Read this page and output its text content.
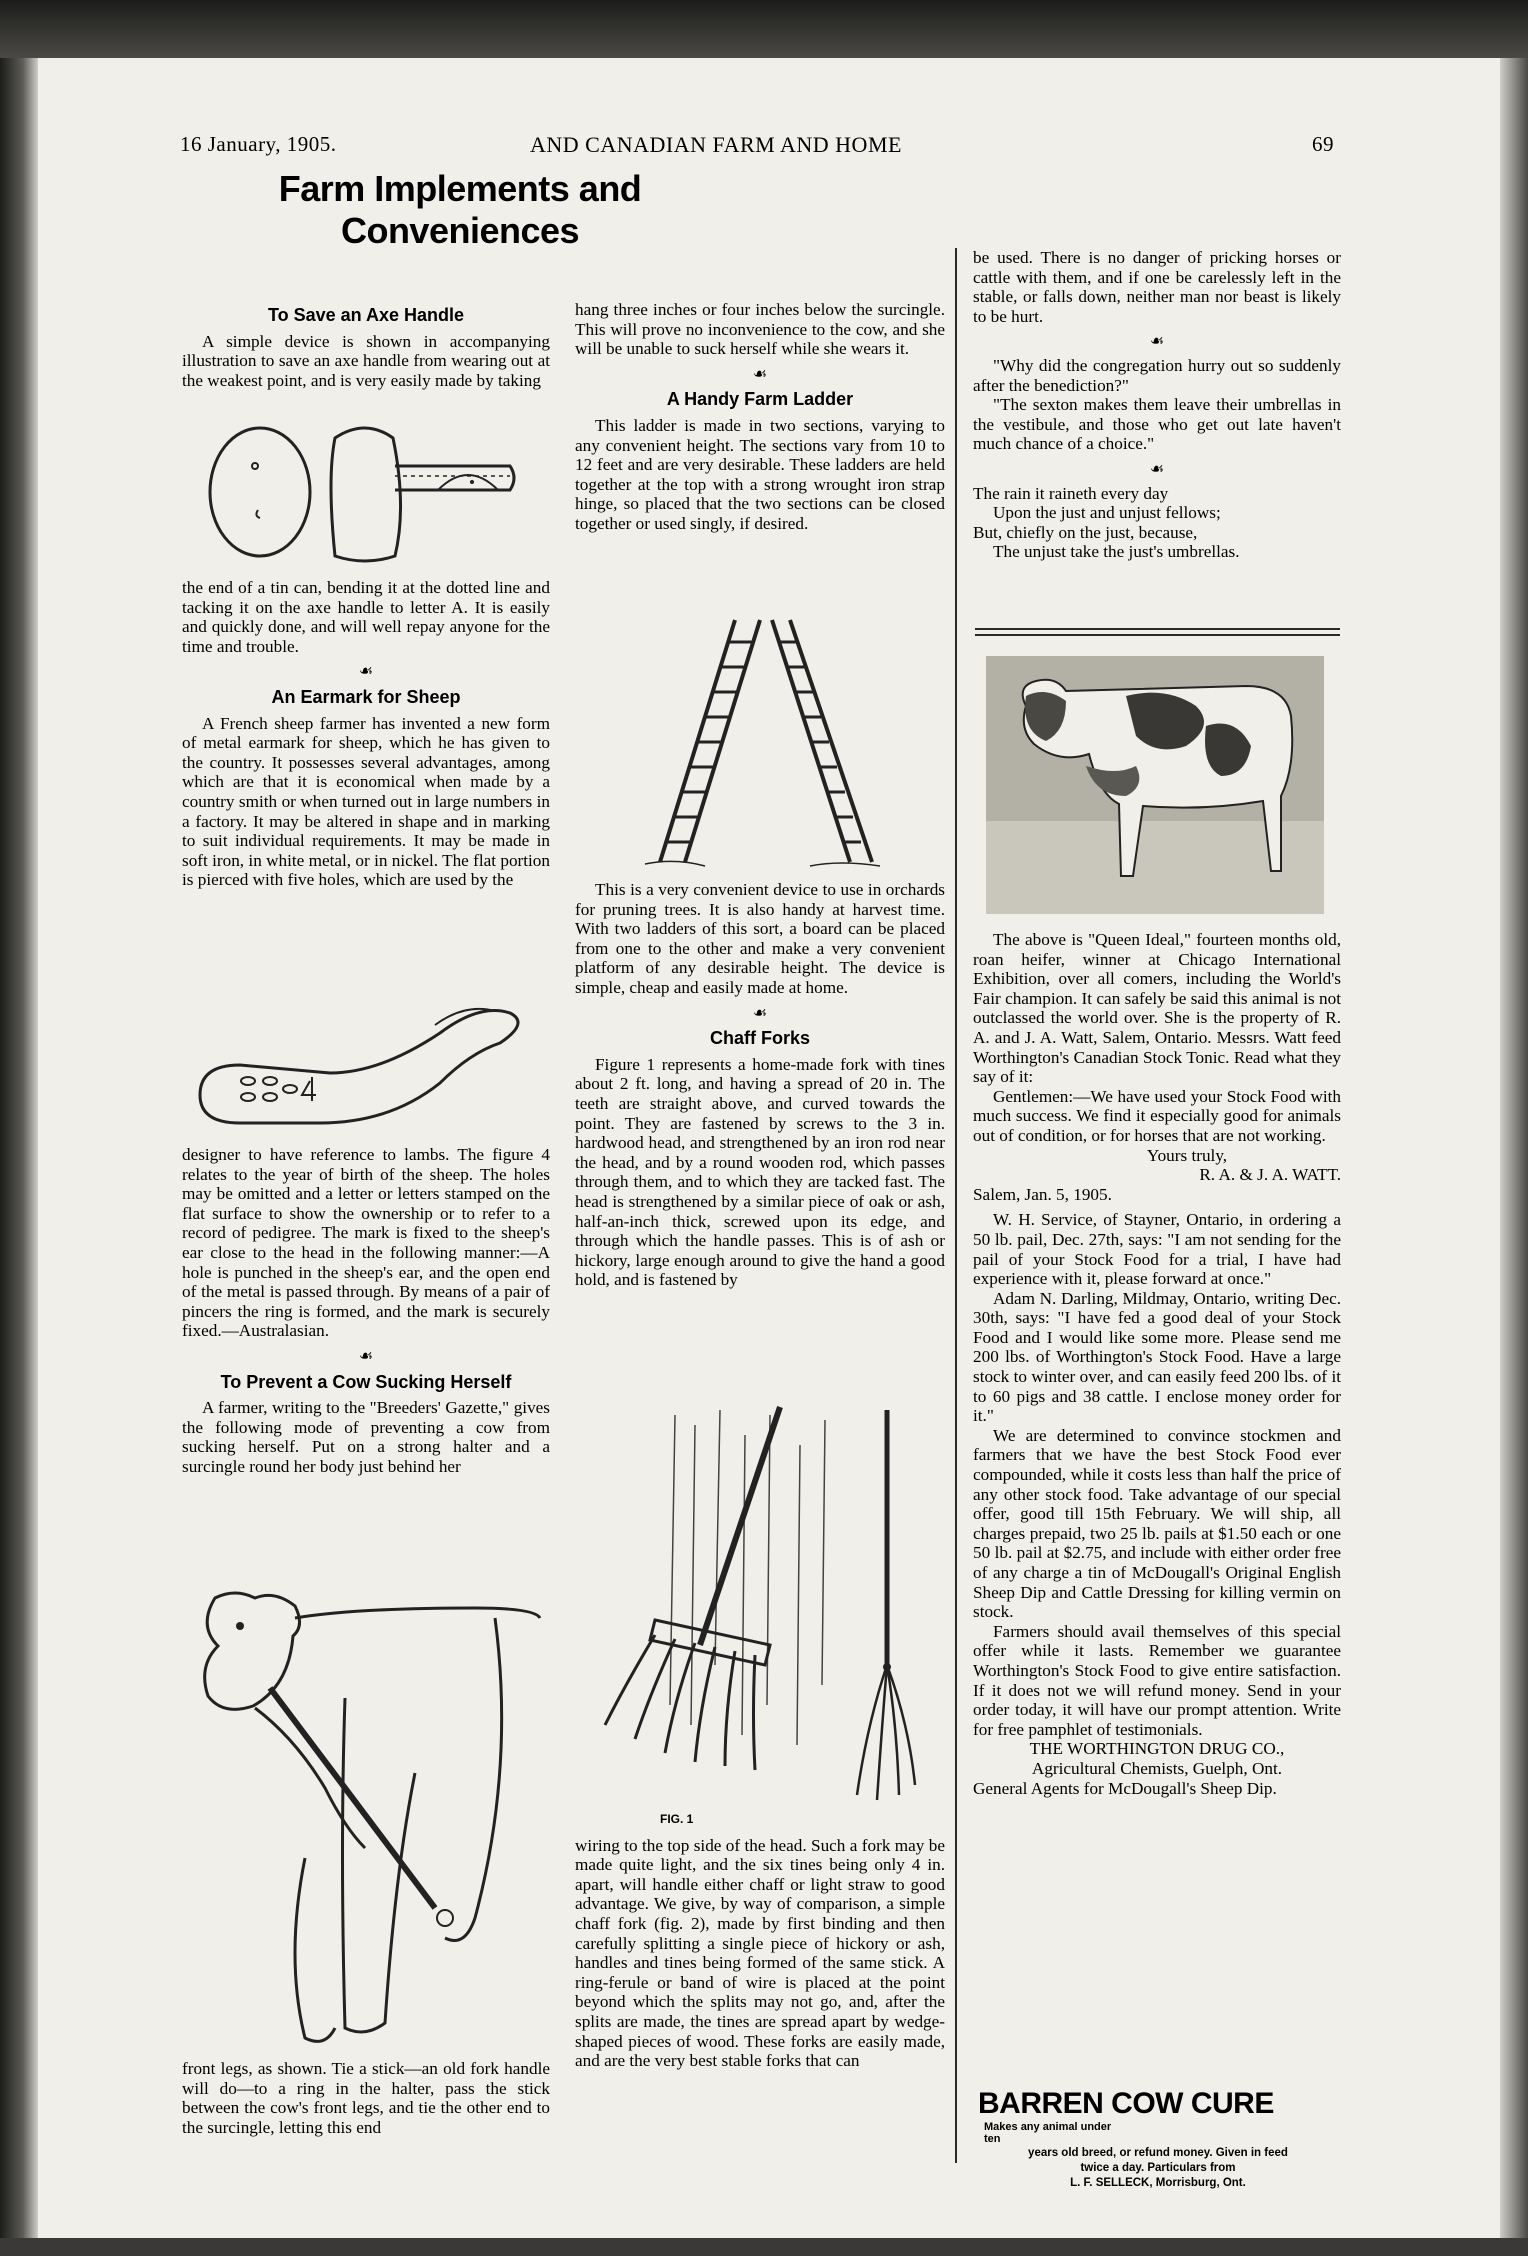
16 January, 1905.	AND CANADIAN FARM AND HOME	69
Farm Implements and Conveniences
To Save an Axe Handle

A simple device is shown in accompanying illustration to save an axe handle from wearing out at the weakest point, and is very easily made by taking

the end of a tin can, bending it at the dotted line and tacking it on the axe handle to letter A. It is easily and quickly done, and will well repay anyone for the time and trouble.

☙
An Earmark for Sheep

A French sheep farmer has invented a new form of metal earmark for sheep, which he has given to the country. It possesses several advantages, among which are that it is economical when made by a country smith or when turned out in large numbers in a factory. It may be altered in shape and in marking to suit individual requirements. It may be made in soft iron, in white metal, or in nickel. The flat portion is pierced with five holes, which are used by the

designer to have reference to lambs. The figure 4 relates to the year of birth of the sheep. The holes may be omitted and a letter or letters stamped on the flat surface to show the ownership or to refer to a record of pedigree. The mark is fixed to the sheep's ear close to the head in the following manner:—A hole is punched in the sheep's ear, and the open end of the metal is passed through. By means of a pair of pincers the ring is formed, and the mark is securely fixed.—Australasian.

☙
To Prevent a Cow Sucking Herself

A farmer, writing to the "Breeders' Gazette," gives the following mode of preventing a cow from sucking herself. Put on a strong halter and a surcingle round her body just behind her

front legs, as shown. Tie a stick—an old fork handle will do—to a ring in the halter, pass the stick between the cow's front legs, and tie the other end to the surcingle, letting this end

hang three inches or four inches below the surcingle. This will prove no inconvenience to the cow, and she will be unable to suck herself while she wears it.

☙
A Handy Farm Ladder

This ladder is made in two sections, varying to any convenient height. The sections vary from 10 to 12 feet and are very desirable. These ladders are held together at the top with a strong wrought iron strap hinge, so placed that the two sections can be closed together or used singly, if desired.

This is a very convenient device to use in orchards for pruning trees. It is also handy at harvest time. With two ladders of this sort, a board can be placed from one to the other and make a very convenient platform of any desirable height. The device is simple, cheap and easily made at home.

☙
Chaff Forks

Figure 1 represents a home-made fork with tines about 2 ft. long, and having a spread of 20 in. The teeth are straight above, and curved towards the point. They are fastened by screws to the 3 in. hardwood head, and strengthened by an iron rod near the head, and by a round wooden rod, which passes through them, and to which they are tacked fast. The head is strengthened by a similar piece of oak or ash, half-an-inch thick, screwed upon its edge, and through which the handle passes. This is of ash or hickory, large enough around to give the hand a good hold, and is fastened by

FIG. 1

wiring to the top side of the head. Such a fork may be made quite light, and the six tines being only 4 in. apart, will handle either chaff or light straw to good advantage. We give, by way of comparison, a simple chaff fork (fig. 2), made by first binding and then carefully splitting a single piece of hickory or ash, handles and tines being formed of the same stick. A ring-ferule or band of wire is placed at the point beyond which the splits may not go, and, after the splits are made, the tines are spread apart by wedge-shaped pieces of wood. These forks are easily made, and are the very best stable forks that can

be used. There is no danger of pricking horses or cattle with them, and if one be carelessly left in the stable, or falls down, neither man nor beast is likely to be hurt.

☙

"Why did the congregation hurry out so suddenly after the benediction?"

"The sexton makes them leave their umbrellas in the vestibule, and those who get out late haven't much chance of a choice."

☙

The rain it raineth every day

Upon the just and unjust fellows;

But, chiefly on the just, because,

The unjust take the just's umbrellas.

The above is "Queen Ideal," fourteen months old, roan heifer, winner at Chicago International Exhibition, over all comers, including the World's Fair champion. It can safely be said this animal is not outclassed the world over. She is the property of R. A. and J. A. Watt, Salem, Ontario. Messrs. Watt feed Worthington's Canadian Stock Tonic. Read what they say of it:

Gentlemen:—We have used your Stock Food with much success. We find it especially good for animals out of condition, or for horses that are not working.

Yours truly,

R. A. & J. A. WATT.

Salem, Jan. 5, 1905.

W. H. Service, of Stayner, Ontario, in ordering a 50 lb. pail, Dec. 27th, says: "I am not sending for the pail of your Stock Food for a trial, I have had experience with it, please forward at once."

Adam N. Darling, Mildmay, Ontario, writing Dec. 30th, says: "I have fed a good deal of your Stock Food and I would like some more. Please send me 200 lbs. of Worthington's Stock Food. Have a large stock to winter over, and can easily feed 200 lbs. of it to 60 pigs and 38 cattle. I enclose money order for it."

We are determined to convince stockmen and farmers that we have the best Stock Food ever compounded, while it costs less than half the price of any other stock food. Take advantage of our special offer, good till 15th February. We will ship, all charges prepaid, two 25 lb. pails at $1.50 each or one 50 lb. pail at $2.75, and include with either order free of any charge a tin of McDougall's Original English Sheep Dip and Cattle Dressing for killing vermin on stock.

Farmers should avail themselves of this special offer while it lasts. Remember we guarantee Worthington's Stock Food to give entire satisfaction. If it does not we will refund money. Send in your order today, it will have our prompt attention. Write for free pamphlet of testimonials.

THE WORTHINGTON DRUG CO.,

Agricultural Chemists, Guelph, Ont.

General Agents for McDougall's Sheep Dip.

BARREN COW CURE Makes any animal under ten
years old breed, or refund money. Given in feed
twice a day. Particulars from
L. F. SELLECK, Morrisburg, Ont.
